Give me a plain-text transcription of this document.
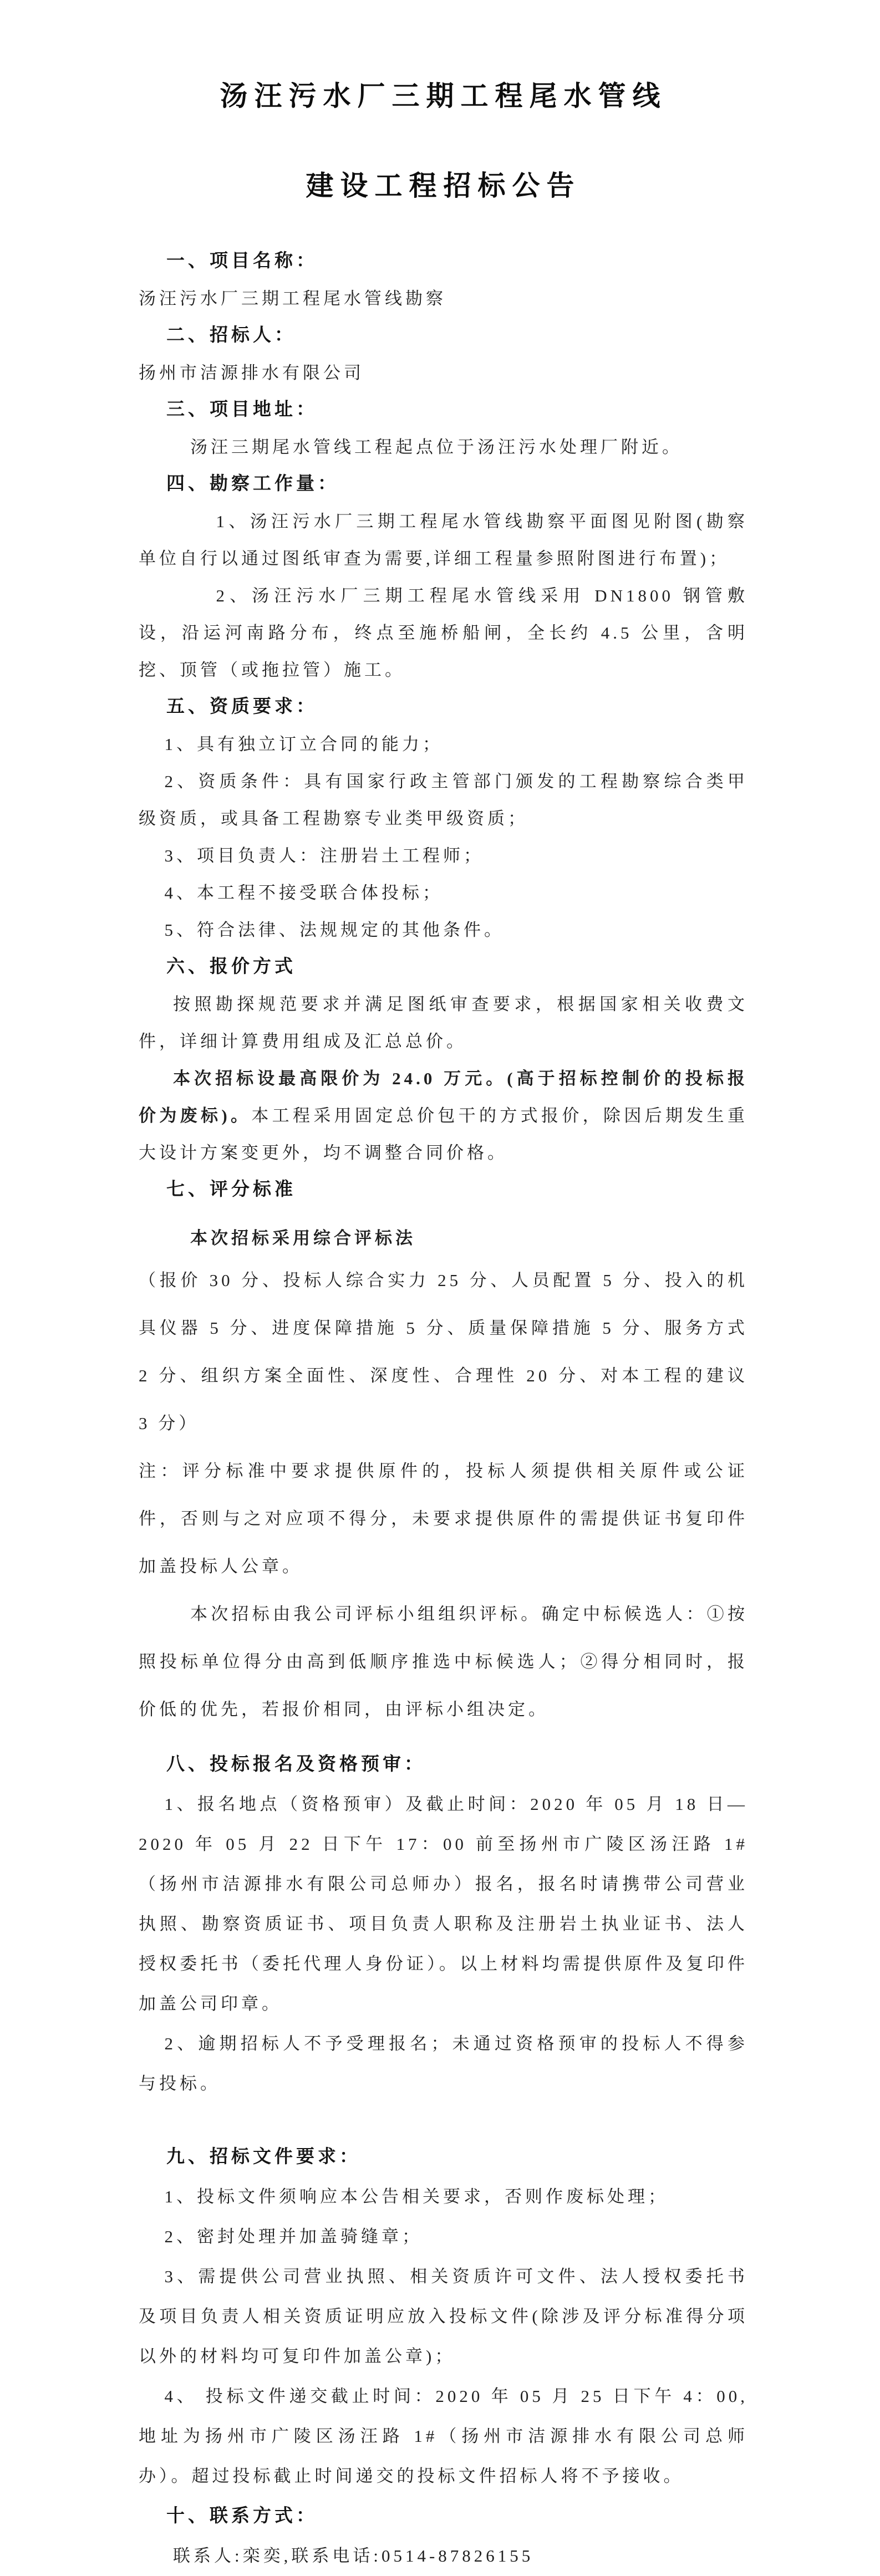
汤汪污水厂三期工程尾水管线
建设工程招标公告
一、项目名称：

汤汪污水厂三期工程尾水管线勘察

二、招标人：

扬州市洁源排水有限公司

三、项目地址：

汤汪三期尾水管线工程起点位于汤汪污水处理厂附近。

四、勘察工作量：

1、汤汪污水厂三期工程尾水管线勘察平面图见附图(勘察单位自行以通过图纸审查为需要,详细工程量参照附图进行布置)；

2、汤汪污水厂三期工程尾水管线采用 DN1800 钢管敷设，沿运河南路分布，终点至施桥船闸，全长约 4.5 公里，含明挖、顶管（或拖拉管）施工。

五、资质要求：

1、具有独立订立合同的能力；

2、资质条件：具有国家行政主管部门颁发的工程勘察综合类甲级资质，或具备工程勘察专业类甲级资质；

3、项目负责人：注册岩土工程师；

4、本工程不接受联合体投标；

5、符合法律、法规规定的其他条件。

六、报价方式

按照勘探规范要求并满足图纸审查要求，根据国家相关收费文件，详细计算费用组成及汇总总价。

本次招标设最高限价为 24.0 万元。(高于招标控制价的投标报价为废标)。本工程采用固定总价包干的方式报价，除因后期发生重大设计方案变更外，均不调整合同价格。

七、评分标准

本次招标采用综合评标法

（报价 30 分、投标人综合实力 25 分、人员配置 5 分、投入的机具仪器 5 分、进度保障措施 5 分、质量保障措施 5 分、服务方式 2 分、组织方案全面性、深度性、合理性 20 分、对本工程的建议 3 分）

注：评分标准中要求提供原件的，投标人须提供相关原件或公证件，否则与之对应项不得分，未要求提供原件的需提供证书复印件加盖投标人公章。

本次招标由我公司评标小组组织评标。确定中标候选人：①按照投标单位得分由高到低顺序推选中标候选人；②得分相同时，报价低的优先，若报价相同，由评标小组决定。

八、投标报名及资格预审：

1、报名地点（资格预审）及截止时间：2020 年 05 月 18 日—2020 年 05 月 22 日下午 17：00 前至扬州市广陵区汤汪路 1#（扬州市洁源排水有限公司总师办）报名，报名时请携带公司营业执照、勘察资质证书、项目负责人职称及注册岩土执业证书、法人授权委托书（委托代理人身份证）。以上材料均需提供原件及复印件加盖公司印章。

2、逾期招标人不予受理报名；未通过资格预审的投标人不得参与投标。

九、招标文件要求：

1、投标文件须响应本公告相关要求，否则作废标处理；

2、密封处理并加盖骑缝章；

3、需提供公司营业执照、相关资质许可文件、法人授权委托书及项目负责人相关资质证明应放入投标文件(除涉及评分标准得分项以外的材料均可复印件加盖公章)；

4、 投标文件递交截止时间：2020 年 05 月 25 日下午 4：00,地址为扬州市广陵区汤汪路 1#（扬州市洁源排水有限公司总师办）。超过投标截止时间递交的投标文件招标人将不予接收。

十、联系方式：

联系人:栾奕,联系电话:0514-87826155
